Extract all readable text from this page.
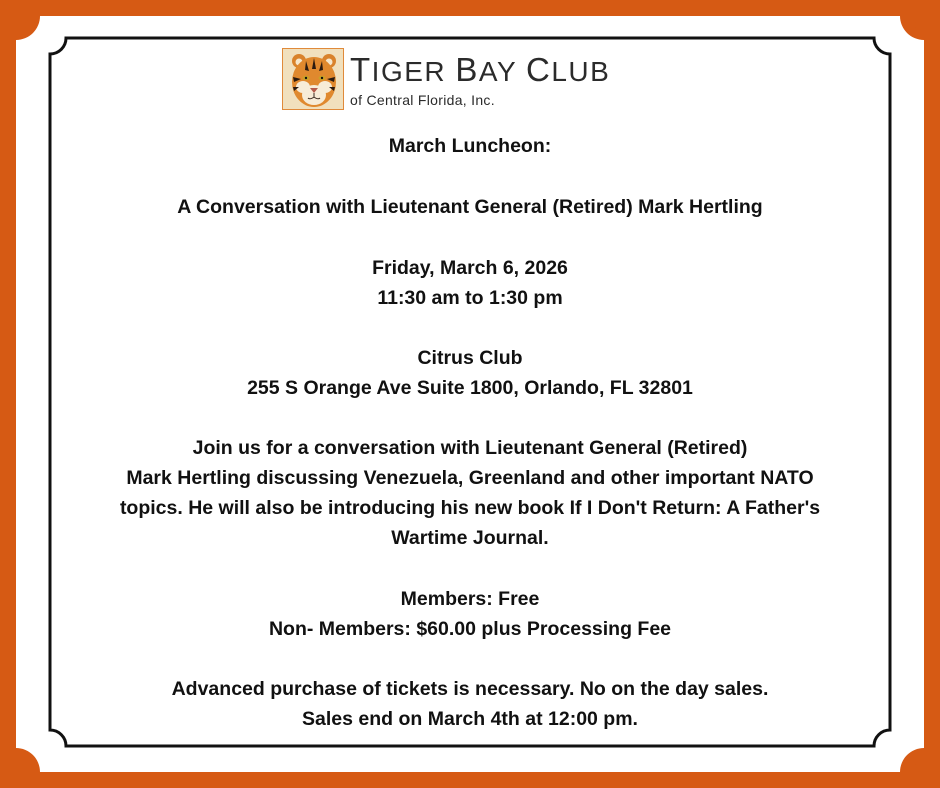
TIGER BAY CLUB
of Central Florida, Inc.
March Luncheon:
A Conversation with Lieutenant General (Retired) Mark Hertling
Friday, March 6, 2026
11:30 am to 1:30 pm
Citrus Club
255 S Orange Ave Suite 1800, Orlando, FL 32801
Join us for a conversation with Lieutenant General (Retired)
Mark Hertling discussing Venezuela, Greenland and other important NATO
topics. He will also be introducing his new book If I Don't Return: A Father's
Wartime Journal.
Members: Free
Non- Members: $60.00 plus Processing Fee
Advanced purchase of tickets is necessary. No on the day sales.
Sales end on March 4th at 12:00 pm.
